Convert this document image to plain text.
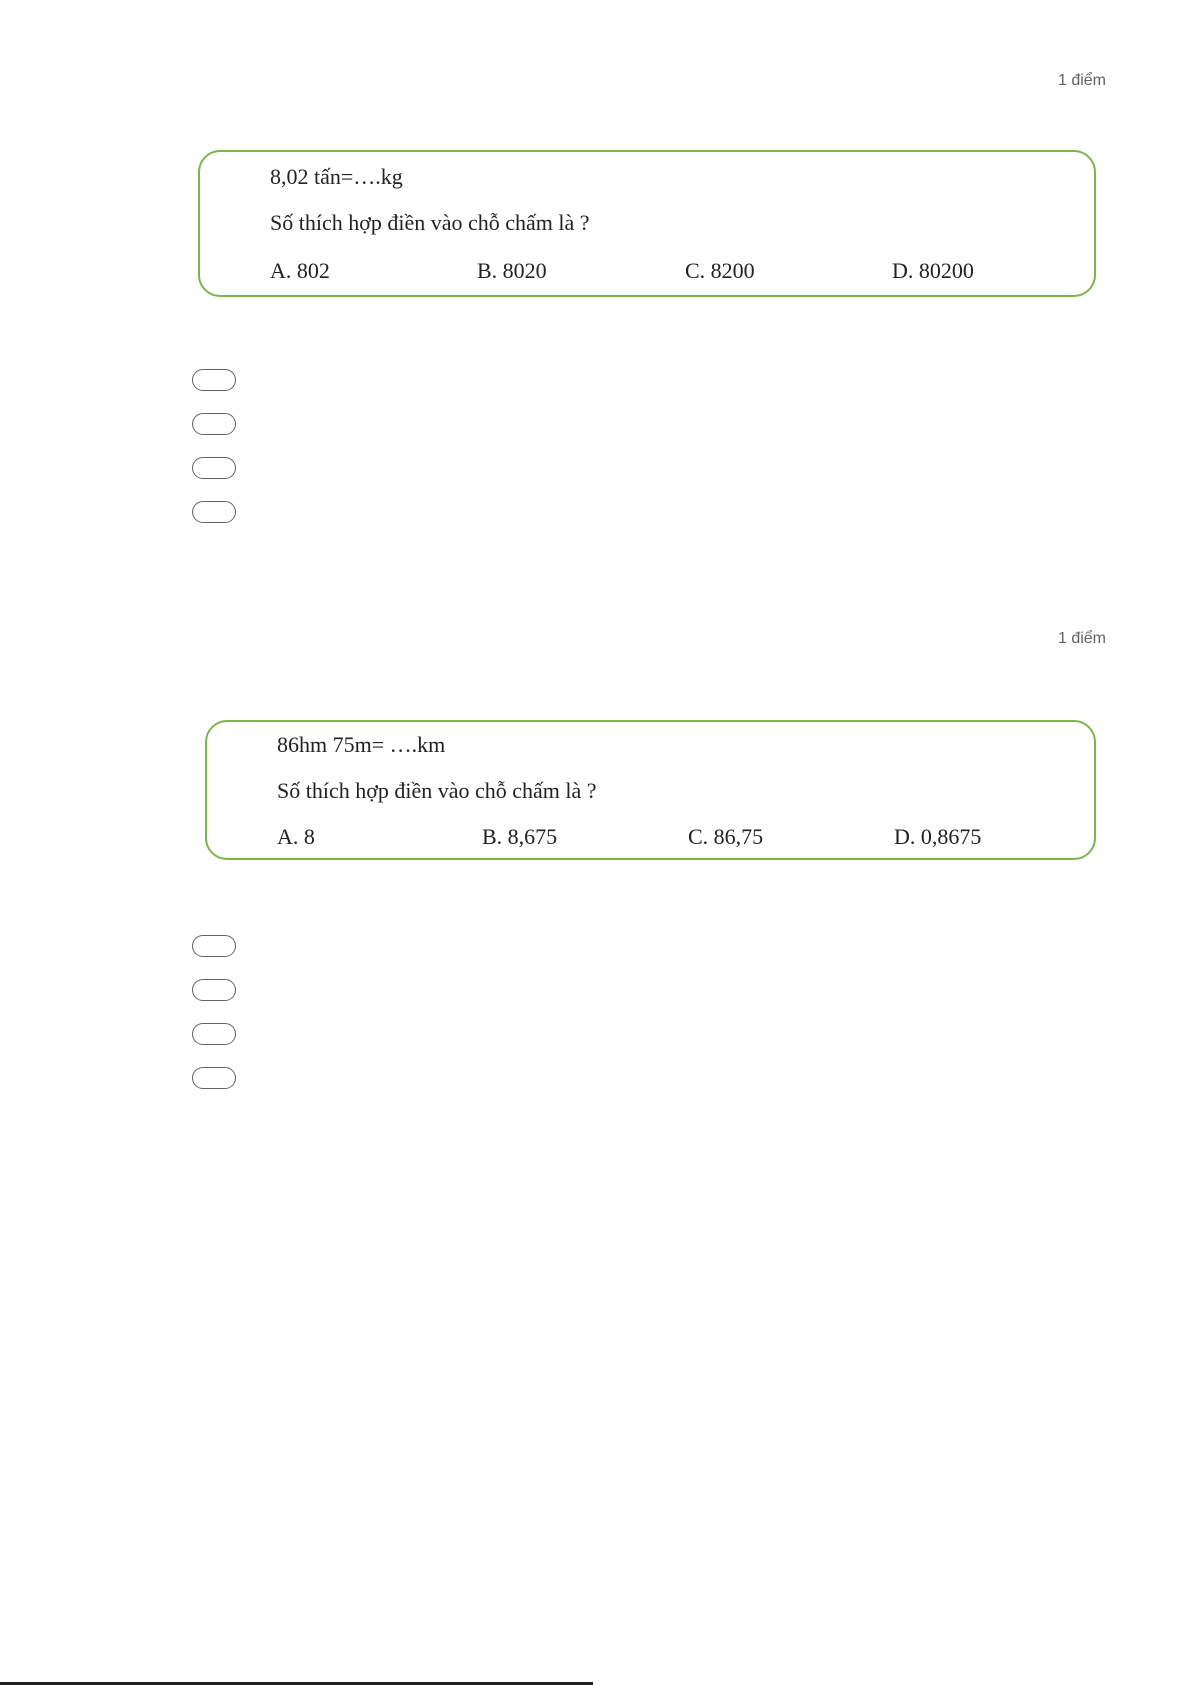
1 điểm
8,02 tấn=….kg
Số thích hợp điền vào chỗ chấm là ?
A. 802	B. 8020	C. 8200	D. 80200
1 điểm
86hm 75m= ….km
Số thích hợp điền vào chỗ chấm là ?
A. 8	B. 8,675	C. 86,75	D. 0,8675
